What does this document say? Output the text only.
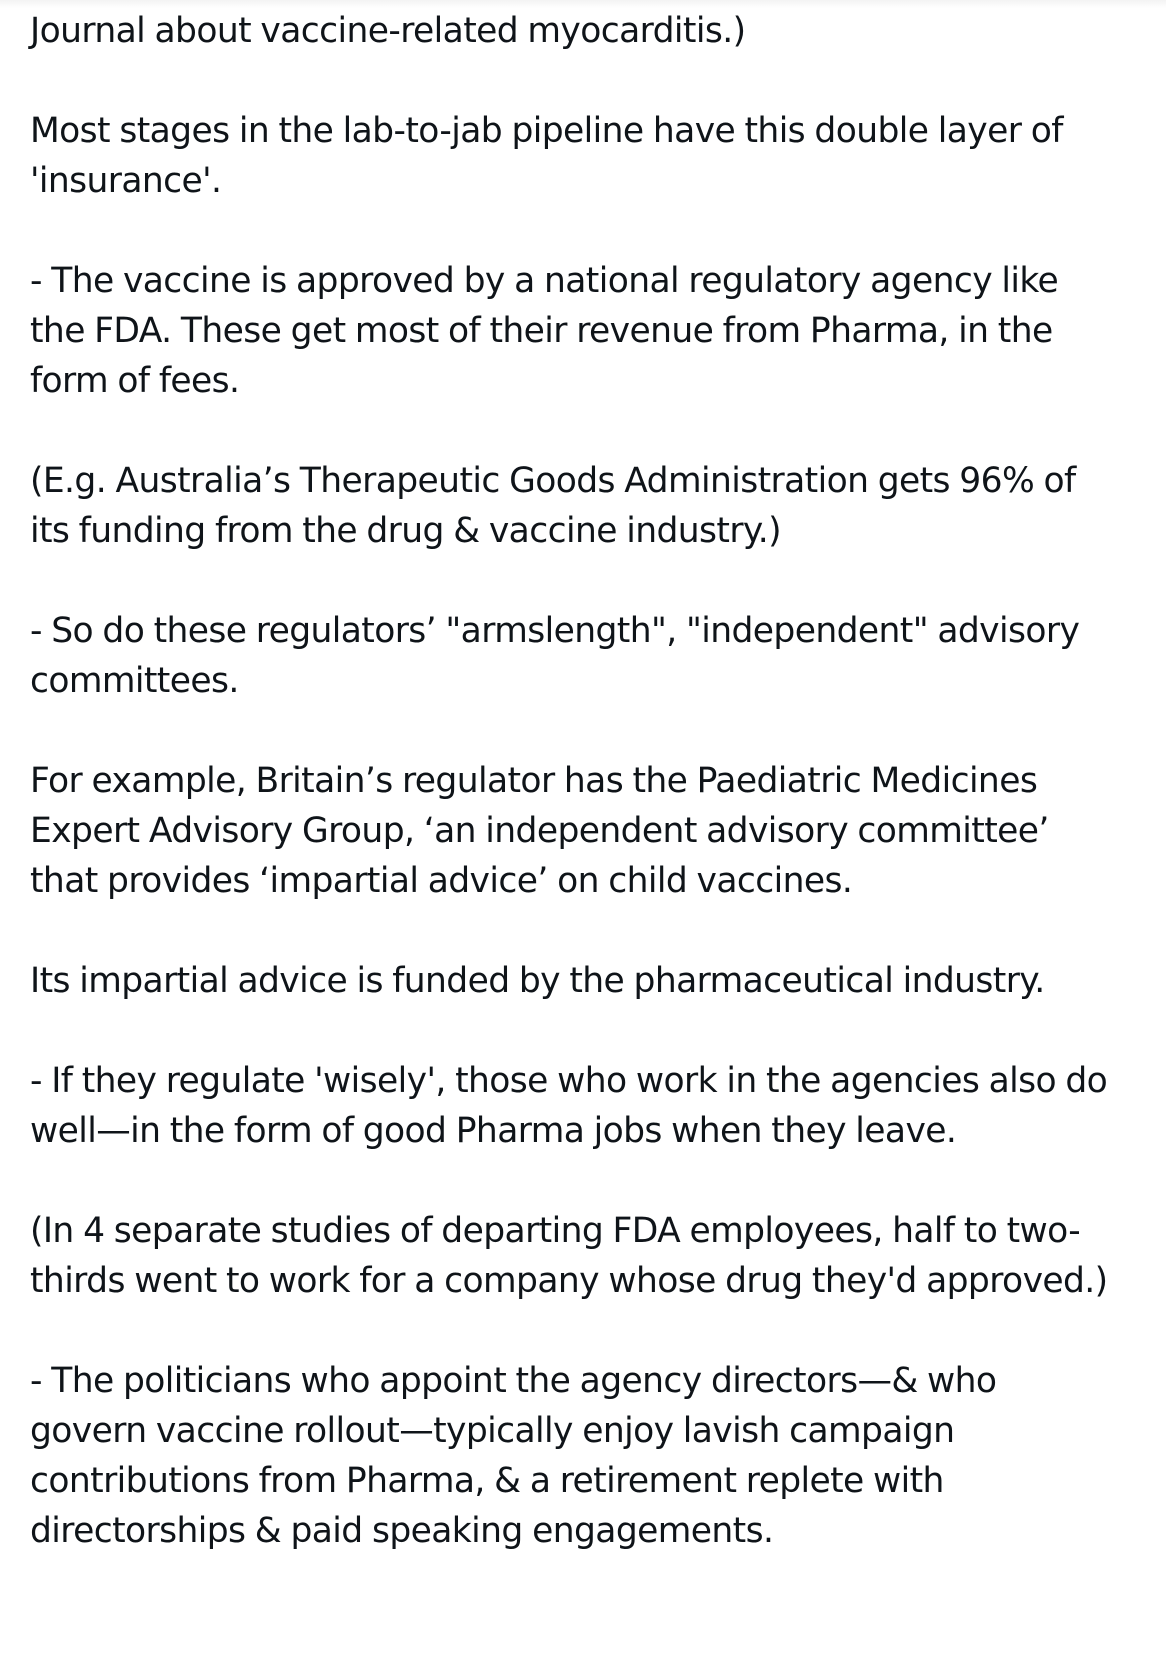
Journal about vaccine-related myocarditis.)

Most stages in the lab-to-jab pipeline have this double layer of
'insurance'.

- The vaccine is approved by a national regulatory agency like
the FDA. These get most of their revenue from Pharma, in the
form of fees.

(E.g. Australia’s Therapeutic Goods Administration gets 96% of
its funding from the drug & vaccine industry.)

- So do these regulators’ "armslength", "independent" advisory
committees.

For example, Britain’s regulator has the Paediatric Medicines
Expert Advisory Group, ‘an independent advisory committee’
that provides ‘impartial advice’ on child vaccines.

Its impartial advice is funded by the pharmaceutical industry.

- If they regulate 'wisely', those who work in the agencies also do
well—in the form of good Pharma jobs when they leave.

(In 4 separate studies of departing FDA employees, half to two-
thirds went to work for a company whose drug they'd approved.)

- The politicians who appoint the agency directors—& who
govern vaccine rollout—typically enjoy lavish campaign
contributions from Pharma, & a retirement replete with
directorships & paid speaking engagements.
